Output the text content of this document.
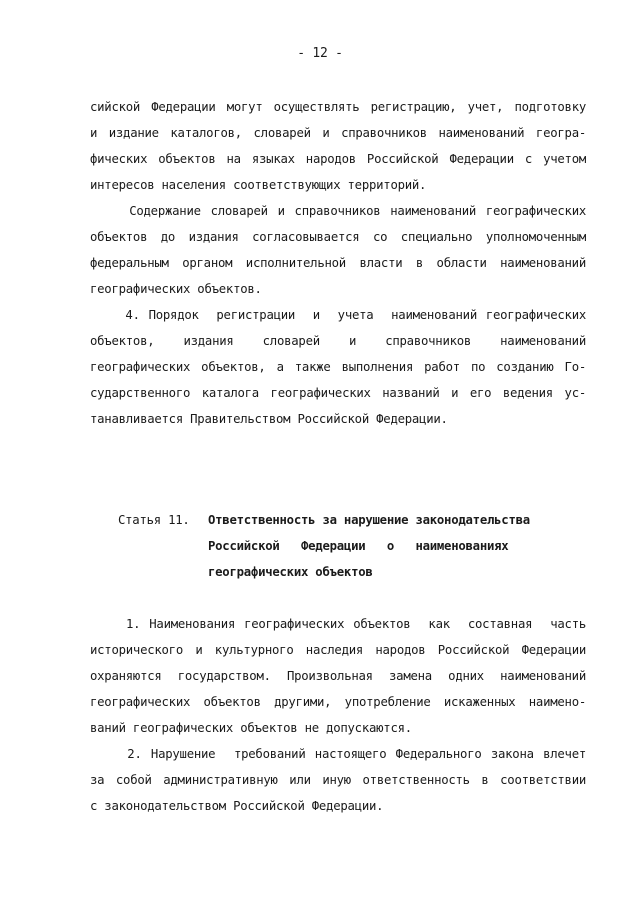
- 12 -
сийской Федерации могут осуществлять регистрацию, учет, подготовку
и издание каталогов, словарей и справочников наименований геогра-
фических объектов на языках народов Российской Федерации с учетом
интересов населения соответствующих территорий.
Содержание словарей и справочников наименований географических
объектов до издания согласовывается со специально уполномоченным
федеральным органом исполнительной власти в области наименований
географических объектов.
4. Порядок  регистрации  и  учета  наименований географических
объектов,   издания   словарей   и   справочников   наименований
географических объектов, а также выполнения работ по созданию Го-
сударственного каталога географических названий и его ведения ус-
танавливается Правительством Российской Федерации.
Статья 11. Ответственность за нарушение законодательства
Российской   Федерации   о   наименованиях
географических объектов
1. Наименования географических объектов  как  составная  часть
исторического и культурного наследия народов Российской Федерации
охраняются государством. Произвольная замена одних наименований
географических объектов другими, употребление искаженных наимено-
ваний географических объектов не допускаются.
2. Нарушение  требований настоящего Федерального закона влечет
за собой административную или иную ответственность в соответствии
с законодательством Российской Федерации.
